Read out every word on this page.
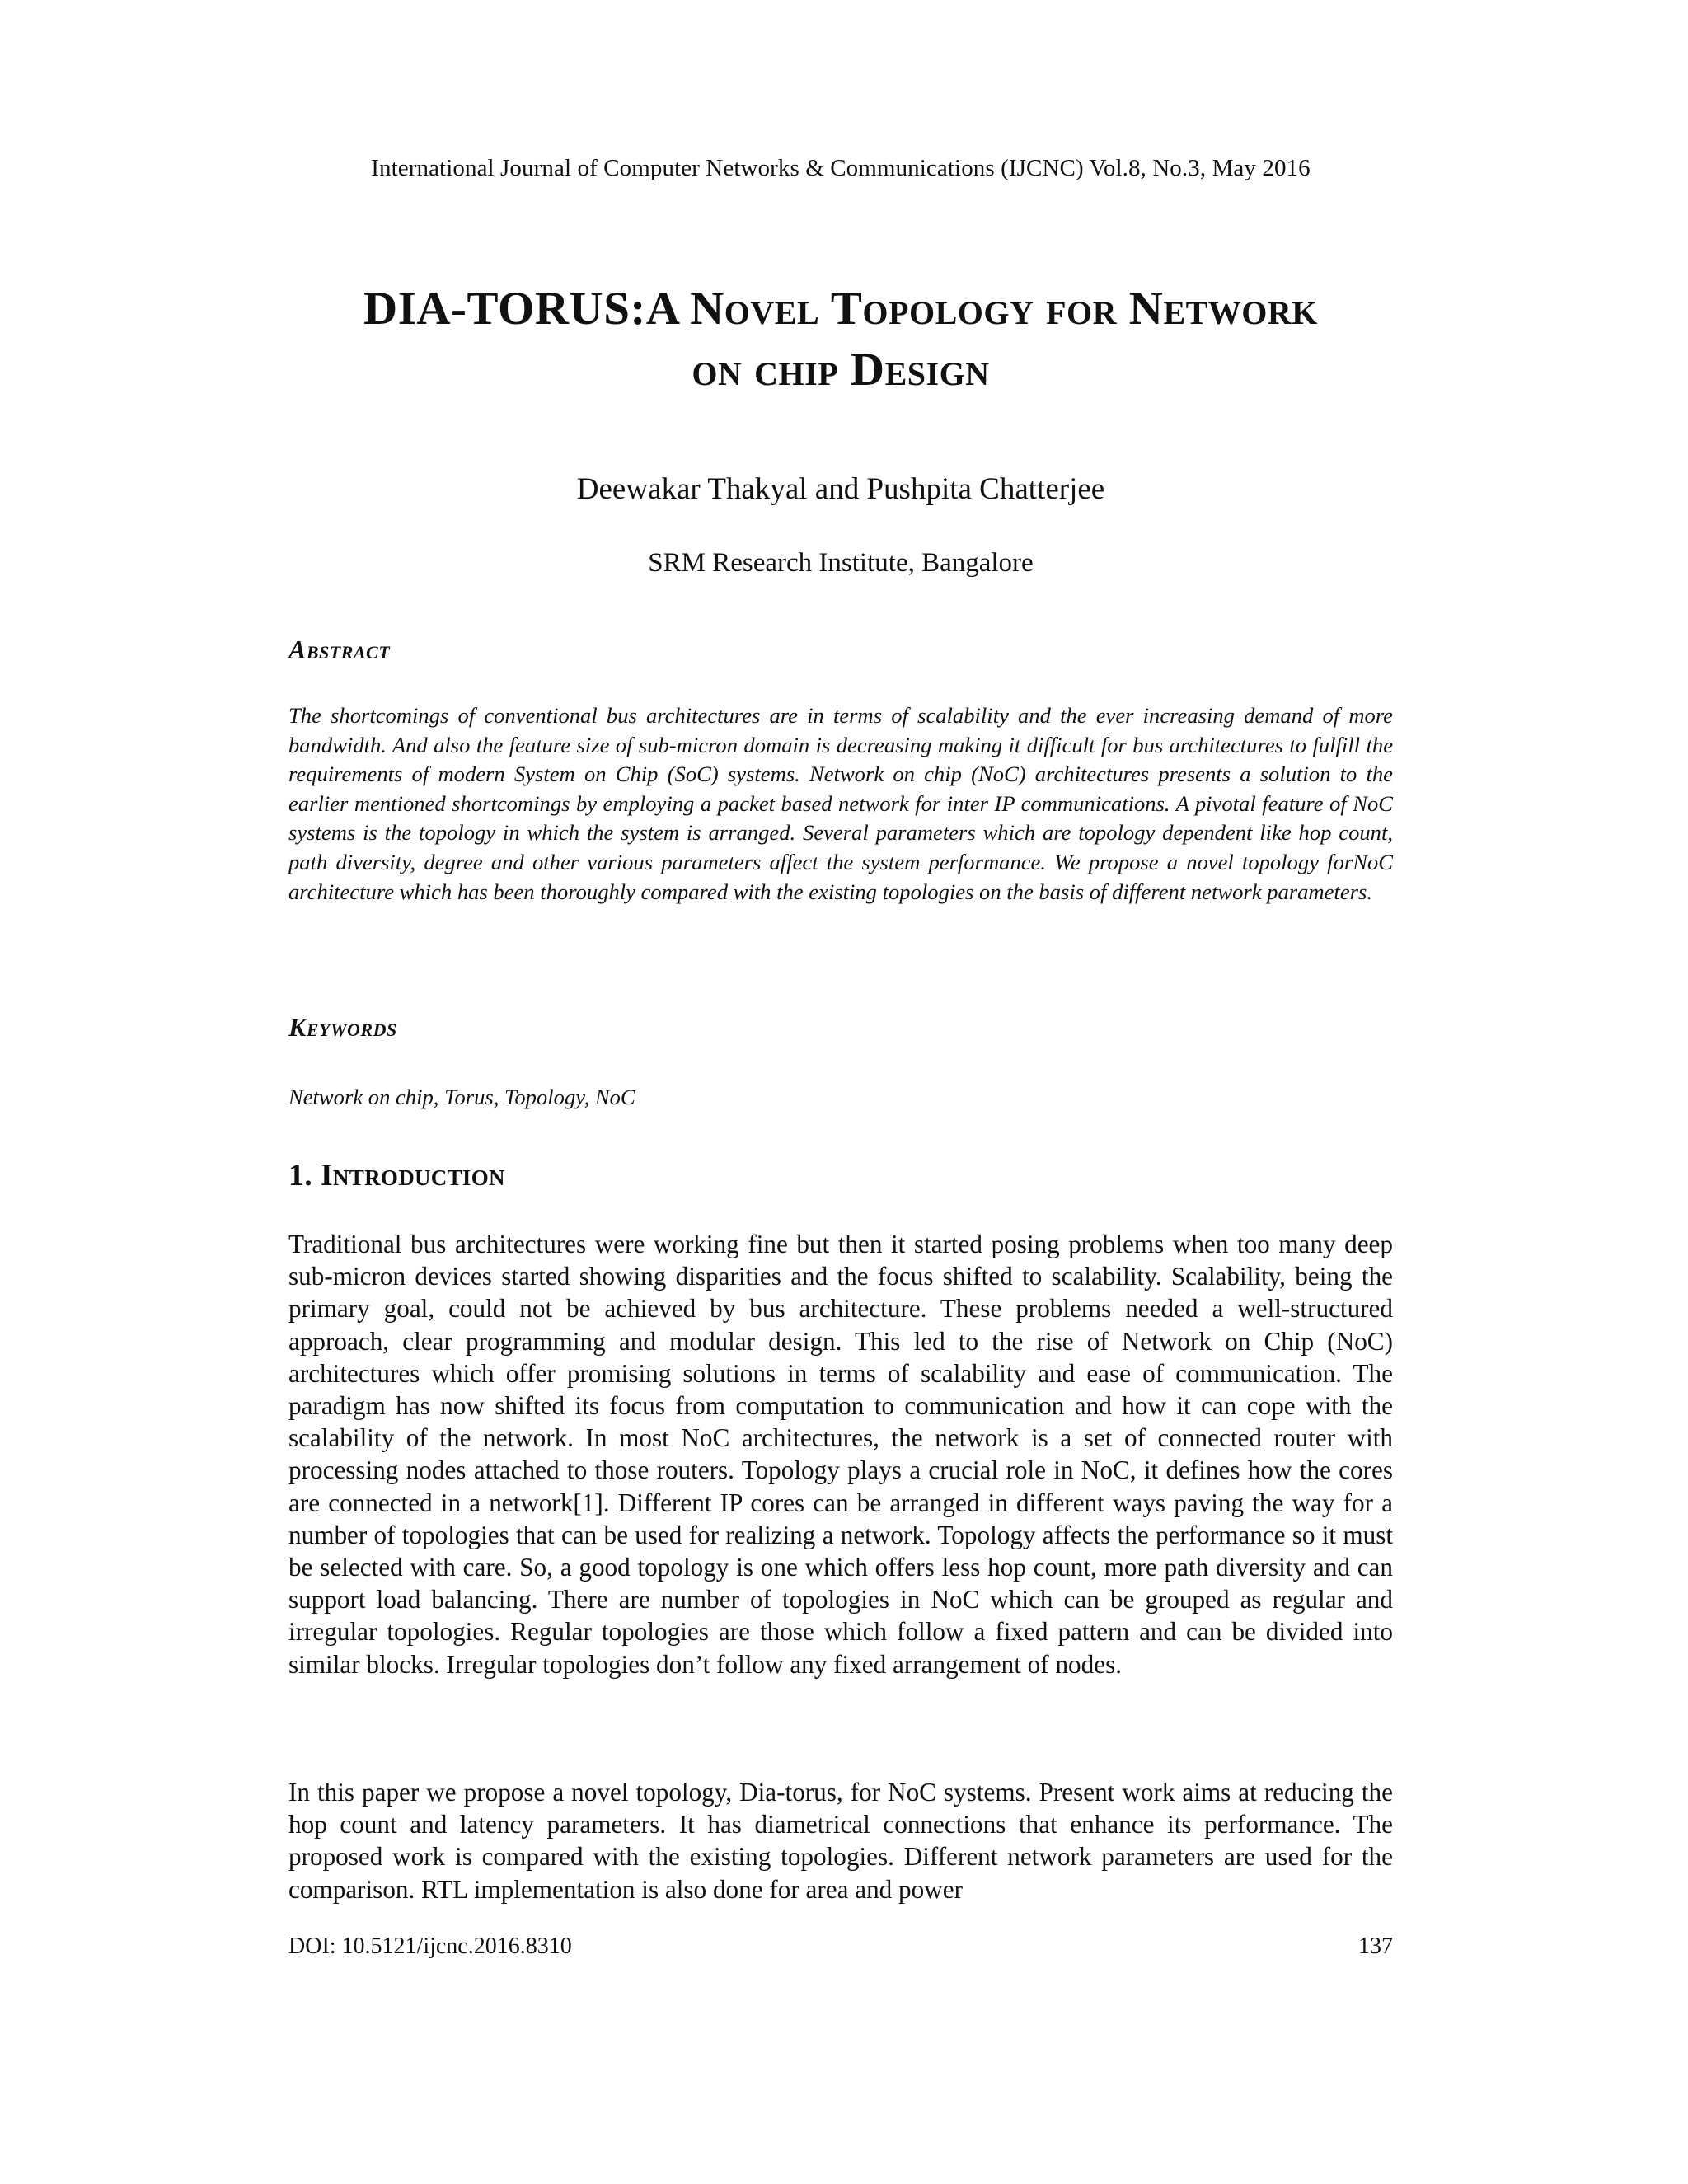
International Journal of Computer Networks & Communications (IJCNC) Vol.8, No.3, May 2016
DIA-TORUS:A Novel Topology for Network
on chip Design
Deewakar Thakyal and Pushpita Chatterjee
SRM Research Institute, Bangalore
Abstract
The shortcomings of conventional bus architectures are in terms of scalability and the ever increasing demand of more bandwidth. And also the feature size of sub-micron domain is decreasing making it difficult for bus architectures to fulfill the requirements of modern System on Chip (SoC) systems. Network on chip (NoC) architectures presents a solution to the earlier mentioned shortcomings by employing a packet based network for inter IP communications. A pivotal feature of NoC systems is the topology in which the system is arranged. Several parameters which are topology dependent like hop count, path diversity, degree and other various parameters affect the system performance. We propose a novel topology forNoC architecture which has been thoroughly compared with the existing topologies on the basis of different network parameters.
Keywords
Network on chip, Torus, Topology, NoC
1. Introduction
Traditional bus architectures were working fine but then it started posing problems when too many deep sub-micron devices started showing disparities and the focus shifted to scalability. Scalability, being the primary goal, could not be achieved by bus architecture. These problems needed a well-structured approach, clear programming and modular design. This led to the rise of Network on Chip (NoC) architectures which offer promising solutions in terms of scalability and ease of communication. The paradigm has now shifted its focus from computation to communication and how it can cope with the scalability of the network. In most NoC architectures, the network is a set of connected router with processing nodes attached to those routers. Topology plays a crucial role in NoC, it defines how the cores are connected in a network[1]. Different IP cores can be arranged in different ways paving the way for a number of topologies that can be used for realizing a network. Topology affects the performance so it must be selected with care. So, a good topology is one which offers less hop count, more path diversity and can support load balancing. There are number of topologies in NoC which can be grouped as regular and irregular topologies. Regular topologies are those which follow a fixed pattern and can be divided into similar blocks. Irregular topologies don’t follow any fixed arrangement of nodes.
In this paper we propose a novel topology, Dia-torus, for NoC systems. Present work aims at reducing the hop count and latency parameters. It has diametrical connections that enhance its performance. The proposed work is compared with the existing topologies. Different network parameters are used for the comparison. RTL implementation is also done for area and power
DOI: 10.5121/ijcnc.2016.8310	137
